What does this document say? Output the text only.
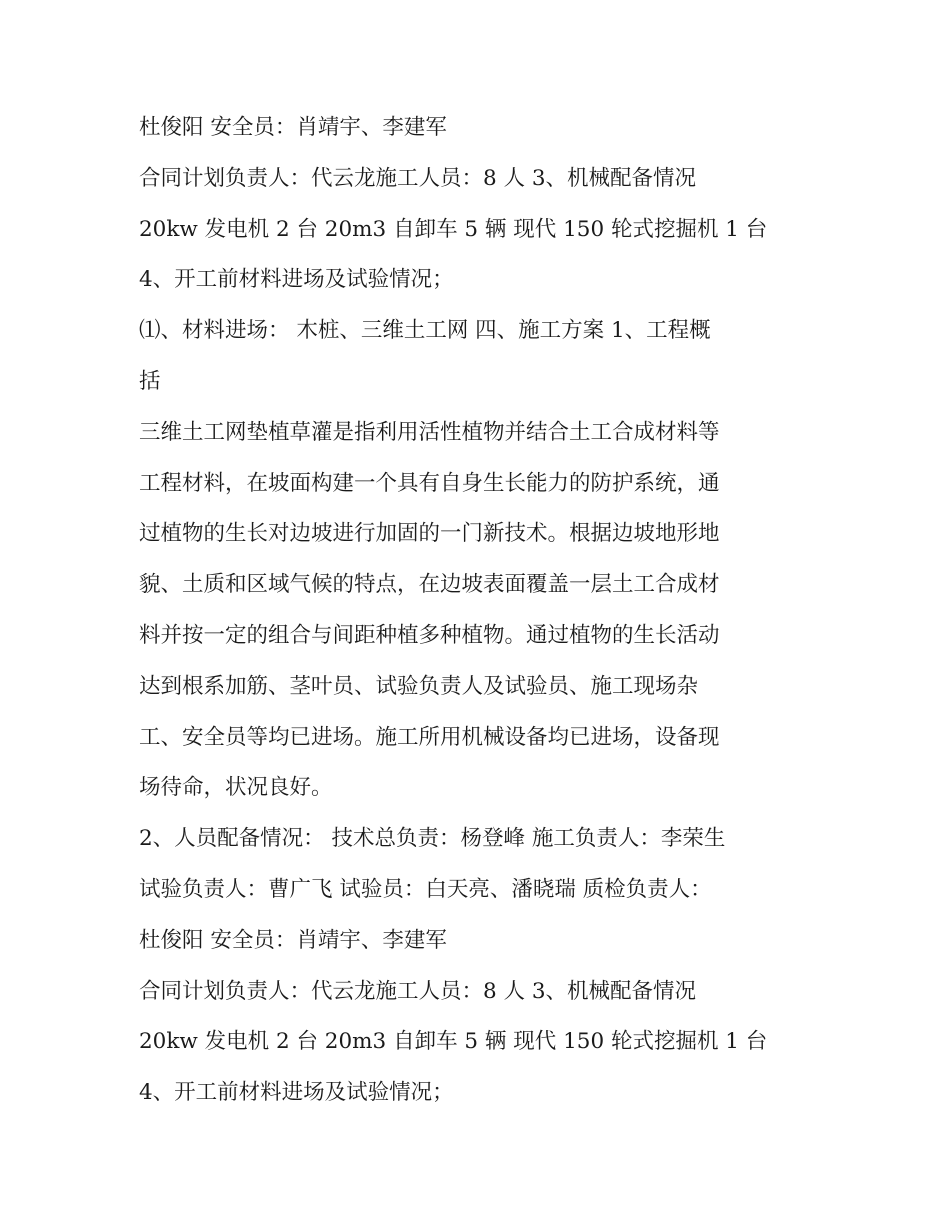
杜俊阳 安全员：肖靖宇、李建军
合同计划负责人：代云龙施工人员：8 人 3、机械配备情况
20kw 发电机 2 台 20m3 自卸车 5 辆 现代 150 轮式挖掘机 1 台
4、开工前材料进场及试验情况；
⑴、材料进场： 木桩、三维土工网 四、施工方案 1、工程概
括
三维土工网垫植草灌是指利用活性植物并结合土工合成材料等
工程材料，在坡面构建一个具有自身生长能力的防护系统，通
过植物的生长对边坡进行加固的一门新技术。根据边坡地形地
貌、土质和区域气候的特点，在边坡表面覆盖一层土工合成材
料并按一定的组合与间距种植多种植物。通过植物的生长活动
达到根系加筋、茎叶员、试验负责人及试验员、施工现场杂
工、安全员等均已进场。施工所用机械设备均已进场，设备现
场待命，状况良好。
2、人员配备情况： 技术总负责：杨登峰 施工负责人：李荣生
试验负责人：曹广飞 试验员：白天亮、潘晓瑞 质检负责人：
杜俊阳 安全员：肖靖宇、李建军
合同计划负责人：代云龙施工人员：8 人 3、机械配备情况
20kw 发电机 2 台 20m3 自卸车 5 辆 现代 150 轮式挖掘机 1 台
4、开工前材料进场及试验情况；
